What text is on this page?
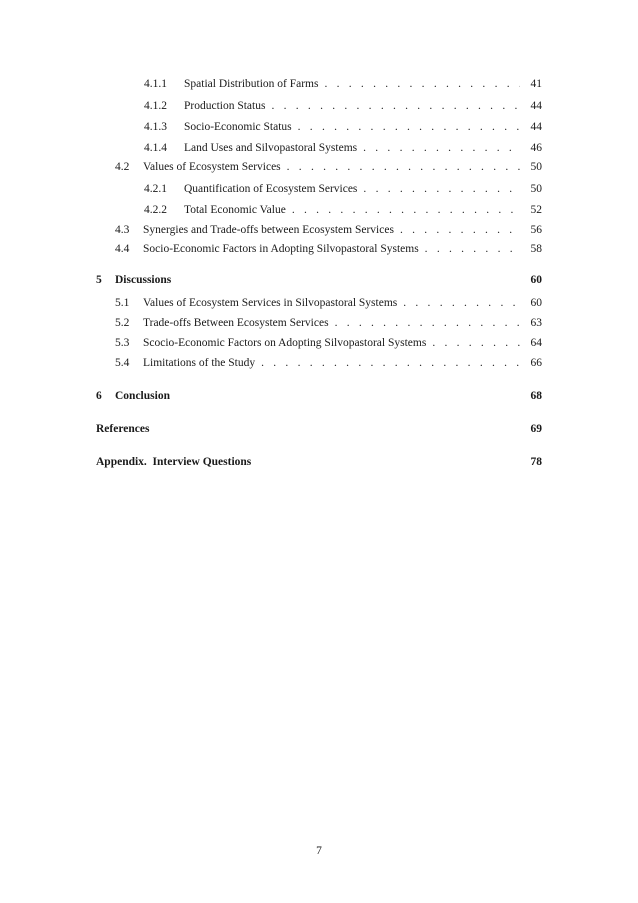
4.1.1	Spatial Distribution of Farms . . .	41
4.1.2	Production Status . . .	44
4.1.3	Socio-Economic Status . . .	44
4.1.4	Land Uses and Silvopastoral Systems . . .	46
4.2	Values of Ecosystem Services . . .	50
4.2.1	Quantification of Ecosystem Services . . .	50
4.2.2	Total Economic Value . . .	52
4.3	Synergies and Trade-offs between Ecosystem Services . . .	56
4.4	Socio-Economic Factors in Adopting Silvopastoral Systems . . .	58
5	Discussions	60
5.1	Values of Ecosystem Services in Silvopastoral Systems . . .	60
5.2	Trade-offs Between Ecosystem Services . . .	63
5.3	Scocio-Economic Factors on Adopting Silvopastoral Systems . . .	64
5.4	Limitations of the Study . . .	66
6	Conclusion	68
References	69
Appendix.  Interview Questions	78
7
